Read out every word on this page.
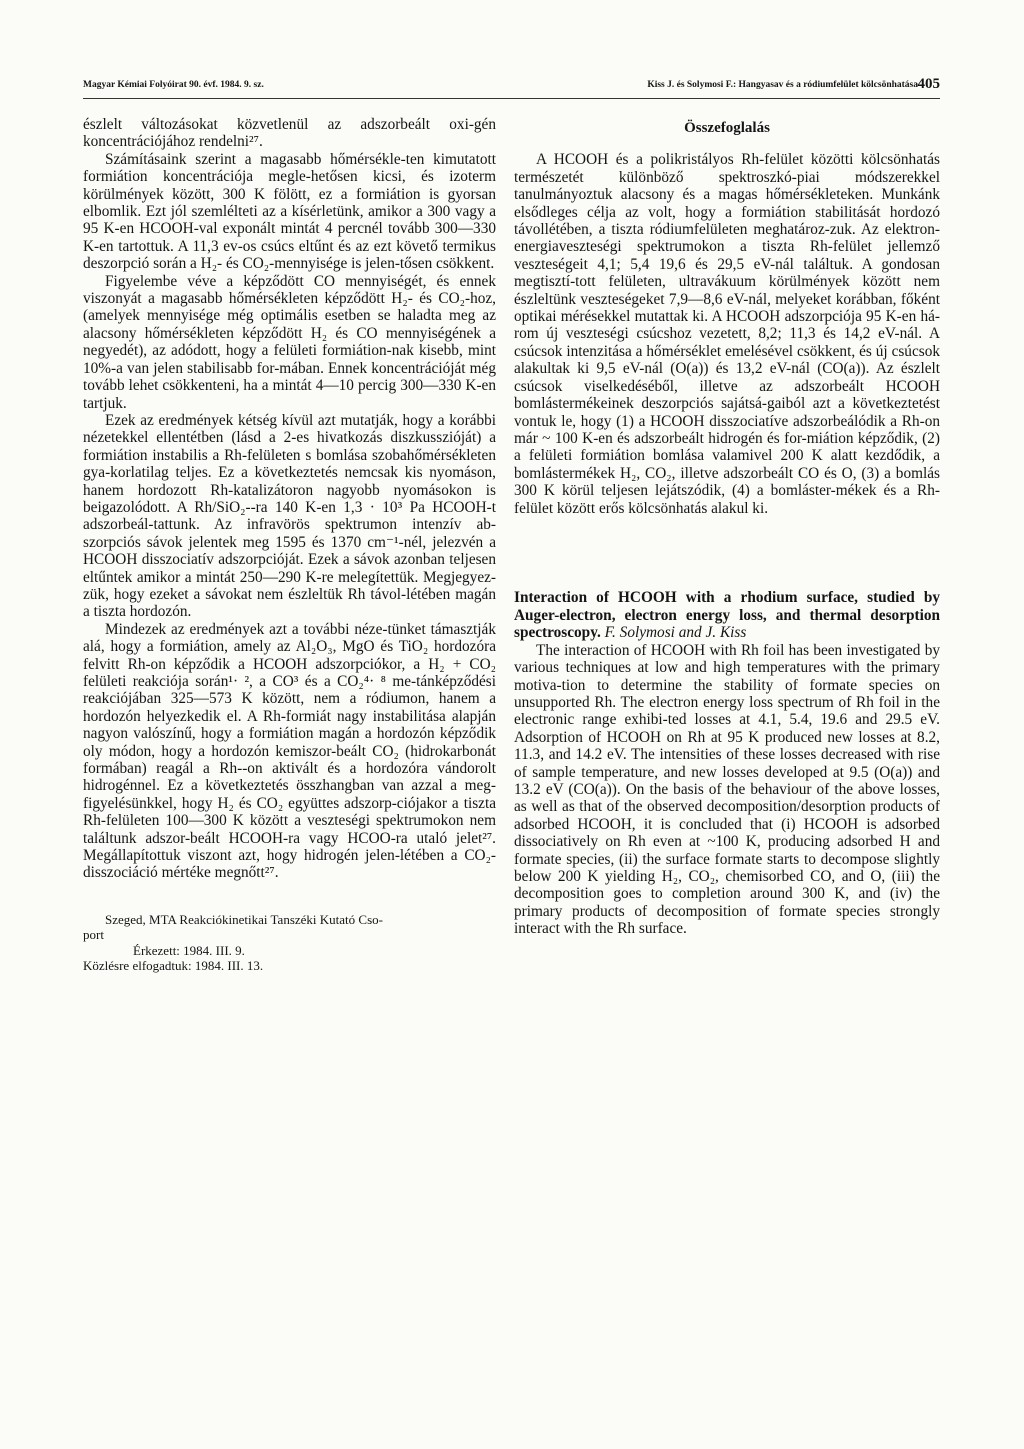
Magyar Kémiai Folyóirat 90. évf. 1984. 9. sz.	Kiss J. és Solymosi F.: Hangyasav és a ródiumfelület kölcsönhatása 405

észlelt változásokat közvetlenül az adszorbeált oxi-gén koncentrációjához rendelni²⁷.

Számításaink szerint a magasabb hőmérsékle-ten kimutatott formiátion koncentrációja megle-hetősen kicsi, és izoterm körülmények között, 300 K fölött, ez a formiátion is gyorsan elbomlik. Ezt jól szemlélteti az a kísérletünk, amikor a 300 vagy a 95 K-en HCOOH-val exponált mintát 4 percnél tovább 300—330 K-en tartottuk. A 11,3 ev-os csúcs eltűnt és az ezt követő termikus deszorpció során a H₂- és CO₂-mennyisége is jelen-tősen csökkent.

Figyelembe véve a képződött CO mennyiségét, és ennek viszonyát a magasabb hőmérsékleten képződött H₂- és CO₂-hoz, (amelyek mennyisége még optimális esetben se haladta meg az alacsony hőmérsékleten képződött H₂ és CO mennyiségének a negyedét), az adódott, hogy a felületi formiátion-nak kisebb, mint 10%-a van jelen stabilisabb for-mában. Ennek koncentrációját még tovább lehet csökkenteni, ha a mintát 4—10 percig 300—330 K-en tartjuk.

Ezek az eredmények kétség kívül azt mutatják, hogy a korábbi nézetekkel ellentétben (lásd a 2-es hivatkozás diszkusszióját) a formiátion instabilis a Rh-felületen s bomlása szobahőmérsékleten gya-korlatilag teljes. Ez a következtetés nemcsak kis nyomáson, hanem hordozott Rh-katalizátoron nagyobb nyomásokon is beigazolódott. A Rh/SiO₂--ra 140 K-en 1,3 · 10³ Pa HCOOH-t adszorbeál-tattunk. Az infravörös spektrumon intenzív ab-szorpciós sávok jelentek meg 1595 és 1370 cm⁻¹-nél, jelezvén a HCOOH disszociatív adszorpcióját. Ezek a sávok azonban teljesen eltűntek amikor a mintát 250—290 K-re melegítettük. Megjegyez-zük, hogy ezeket a sávokat nem észleltük Rh távol-létében magán a tiszta hordozón.

Mindezek az eredmények azt a további néze-tünket támasztják alá, hogy a formiátion, amely az Al₂O₃, MgO és TiO₂ hordozóra felvitt Rh-on képződik a HCOOH adszorpciókor, a H₂ + CO₂ felületi reakciója során¹· ², a CO³ és a CO₂⁴· ⁸ me-tánképződési reakciójában 325—573 K között, nem a ródiumon, hanem a hordozón helyezkedik el. A Rh-formiát nagy instabilitása alapján nagyon valószínű, hogy a formiátion magán a hordozón képződik oly módon, hogy a hordozón kemiszor-beált CO₂ (hidrokarbonát formában) reagál a Rh--on aktivált és a hordozóra vándorolt hidrogénnel. Ez a következtetés összhangban van azzal a meg-figyelésünkkel, hogy H₂ és CO₂ együttes adszorp-ciójakor a tiszta Rh-felületen 100—300 K között a veszteségi spektrumokon nem találtunk adszor-beált HCOOH-ra vagy HCOO-ra utaló jelet²⁷. Megállapítottuk viszont azt, hogy hidrogén jelen-létében a CO₂-disszociáció mértéke megnőtt²⁷.

Szeged, MTA Reakciókinetikai Tanszéki Kutató Cso-
port
Érkezett: 1984. III. 9.
Közlésre elfogadtuk: 1984. III. 13.
Összefoglalás

A HCOOH és a polikristályos Rh-felület közötti kölcsönhatás természetét különböző spektroszkó-piai módszerekkel tanulmányoztuk alacsony és a magas hőmérsékleteken. Munkánk elsődleges célja az volt, hogy a formiátion stabilitását hordozó távollétében, a tiszta ródiumfelületen meghatároz-zuk. Az elektron-energiaveszteségi spektrumokon a tiszta Rh-felület jellemző veszteségeit 4,1; 5,4 19,6 és 29,5 eV-nál találtuk. A gondosan megtisztí-tott felületen, ultravákuum körülmények között nem észleltünk veszteségeket 7,9—8,6 eV-nál, melyeket korábban, főként optikai mérésekkel mutattak ki. A HCOOH adszorpciója 95 K-en há-rom új veszteségi csúcshoz vezetett, 8,2; 11,3 és 14,2 eV-nál. A csúcsok intenzitása a hőmérséklet emelésével csökkent, és új csúcsok alakultak ki 9,5 eV-nál (O(a)) és 13,2 eV-nál (CO(a)). Az észlelt csúcsok viselkedéséből, illetve az adszorbeált HCOOH bomlástermékeinek deszorpciós sajátsá-gaiból azt a következtetést vontuk le, hogy (1) a HCOOH disszociatíve adszorbeálódik a Rh-on már ~ 100 K-en és adszorbeált hidrogén és for-miátion képződik, (2) a felületi formiátion bomlása valamivel 200 K alatt kezdődik, a bomlástermékek H₂, CO₂, illetve adszorbeált CO és O, (3) a bomlás 300 K körül teljesen lejátszódik, (4) a bomláster-mékek és a Rh-felület között erős kölcsönhatás alakul ki.

Interaction of HCOOH with a rhodium surface, studied by Auger-electron, electron energy loss, and thermal desorption spectroscopy. F. Solymosi and J. Kiss

The interaction of HCOOH with Rh foil has been investigated by various techniques at low and high temperatures with the primary motiva-tion to determine the stability of formate species on unsupported Rh. The electron energy loss spectrum of Rh foil in the electronic range exhibi-ted losses at 4.1, 5.4, 19.6 and 29.5 eV. Adsorption of HCOOH on Rh at 95 K produced new losses at 8.2, 11.3, and 14.2 eV. The intensities of these losses decreased with rise of sample temperature, and new losses developed at 9.5 (O(a)) and 13.2 eV (CO(a)). On the basis of the behaviour of the above losses, as well as that of the observed decomposition/desorption products of adsorbed HCOOH, it is concluded that (i) HCOOH is adsorbed dissociatively on Rh even at ~100 K, producing adsorbed H and formate species, (ii) the surface formate starts to decompose slightly below 200 K yielding H₂, CO₂, chemisorbed CO, and O, (iii) the decomposition goes to completion around 300 K, and (iv) the primary products of decomposition of formate species strongly interact with the Rh surface.
